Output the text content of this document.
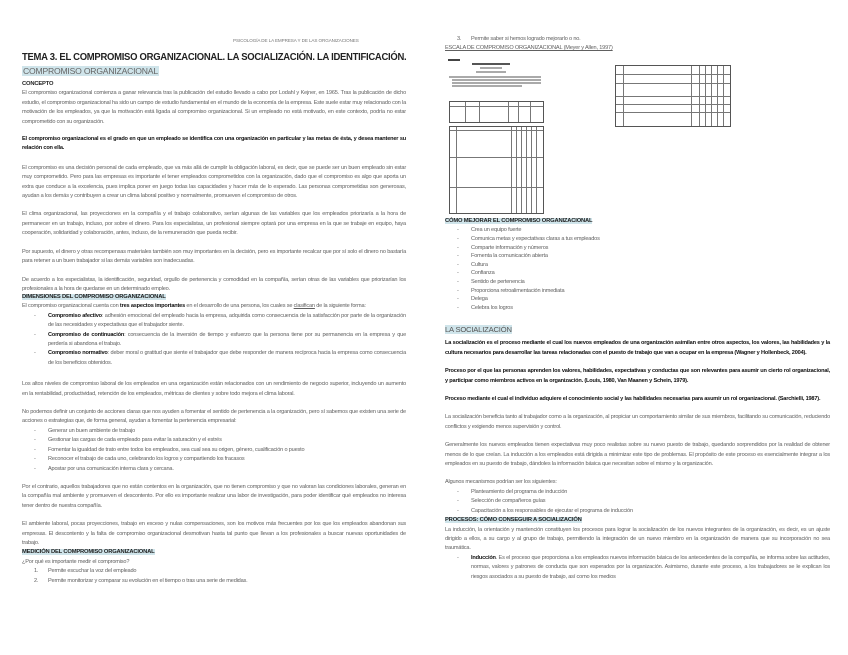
PSICOLOGÍA DE LA EMPRESA Y DE LAS ORGANIZACIONES
TEMA 3. EL COMPROMISO ORGANIZACIONAL. LA SOCIALIZACIÓN. LA IDENTIFICACIÓN.
COMPROMISO ORGANIZACIONAL
CONCEPTO
El compromiso organizacional comienza a ganar relevancia tras la publicación del estudio llevado a cabo por Lodahl y Kejner, en 1965. Tras la publicación de dicho estudio, el compromiso organizacional ha sido un campo de estudio fundamental en el mundo de la economía de la empresa. Este suele estar muy relacionado con la motivación de los empleados, ya que la motivación está ligada al compromiso organizacional. Si un empleado no está motivado, en este contexto, podría no estar comprometido con su organización.
El compromiso organizacional es el grado en que un empleado se identifica con una organización en particular y las metas de ésta, y desea mantener su relación con ella.
El compromiso es una decisión personal de cada empleado, que va más allá de cumplir la obligación laboral, es decir, que se puede ser un buen empleado sin estar muy comprometido. Pero para las empresas es importante el tener empleados comprometidos con la organización, dado que el compromiso es algo que aporta un extra que conduce a la excelencia, pues implica poner en juego todas las capacidades y hacer más de lo esperado. Las personas comprometidas son generosas, ayudan a los demás y contribuyen a crear un clima laboral positivo y normalmente, promueven el compromiso de otros.
El clima organizacional, las proyecciones en la compañía y el trabajo colaborativo, serían algunas de las variables que los empleados priorizaría a la hora de permanecer en un trabajo, incluso, por sobre el dinero. Para los especialistas, un profesional siempre optará por una empresa en la que se trabaje en equipo, haya cooperación, solidaridad y colaboración, antes, incluso, de la remuneración que pueda recibir.
Por supuesto, el dinero y otras recompensas materiales también son muy importantes en la decisión, pero es importante recalcar que por sí solo el dinero no bastaría para retener a un buen trabajador si las demás variables son inadecuadas.
De acuerdo a los especialistas, la identificación, seguridad, orgullo de pertenencia y comodidad en la compañía, serían otras de las variables que priorizarían los profesionales a la hora de quedarse en un determinado empleo.
DIMENSIONES DEL COMPROMISO ORGANIZACIONAL
El compromiso organizacional cuenta con tres aspectos importantes en el desarrollo de una persona, los cuales se clasifican de la siguiente forma:
- Compromiso afectivo: adhesión emocional del empleado hacia la empresa, adquirida como consecuencia de la satisfacción por parte de la organización de las necesidades y expectativas que el trabajador siente.
- Compromiso de continuación: consecuencia de la inversión de tiempo y esfuerzo que la persona tiene por su permanencia en la empresa y que perdería si abandona el trabajo.
- Compromiso normativo: deber moral o gratitud que siente el trabajador que debe responder de manera recíproca hacia la empresa como consecuencia de los beneficios obtenidos.
Los altos niveles de compromiso laboral de los empleados en una organización están relacionados con un rendimiento de negocio superior, incluyendo un aumento en la rentabilidad, productividad, retención de los empleados, métricas de clientes y sobre todo mejora el clima laboral.
No podemos definir un conjunto de acciones claras que nos ayuden a fomentar el sentido de pertenencia a la organización, pero sí sabemos que existen una serie de acciones o estrategias que, de forma general, ayudan a fomentar la pertenencia empresarial:
- Generar un buen ambiente de trabajo
- Gestionar las cargas de cada empleado para evitar la saturación y el estrés
- Fomentar la igualdad de trato entre todos los empleados, sea cual sea su origen, género, cualificación o puesto
- Reconocer el trabajo de cada uno, celebrando los logros y compartiendo los fracasos
- Apostar por una comunicación interna clara y cercana.
Por el contrario, aquellos trabajadores que no están contentos en la organización, que no tienen compromiso y que no valoran las condiciones laborales, generan en la compañía mal ambiente y promueven el descontento. Por ello es importante realizar una labor de investigación, para poder identificar qué empleados no interesa tener dentro de nuestra compañía.
El ambiente laboral, pocas proyecciones, trabajo en exceso y nulas compensaciones, son los motivos más frecuentes por los que los empleados abandonan sus empresas. El descontento y la falta de compromiso organizacional desmotivan hasta tal punto que llevan a los profesionales a buscar nuevas oportunidades de trabajo.
MEDICIÓN DEL COMPROMISO ORGANIZACIONAL
¿Por qué es importante medir el compromiso?
1. Permite escuchar la voz del empleado
2. Permite monitorizar y comparar su evolución en el tiempo o tras una serie de medidas.
3. Permite saber si hemos logrado mejorarlo o no.
ESCALA DE COMPROMISO ORGANIZACIONAL (Meyer y Allen, 1997)
CÓMO MEJORAR EL COMPROMISO ORGANIZACIONAL
- Crea un equipo fuerte
- Comunica metas y expectativas claras a tus empleados
- Comparte información y números
- Fomenta la comunicación abierta
- Cultura
- Confianza
- Sentido de pertenencia
- Proporciona retroalimentación inmediata
- Delega
- Celebra los logros
LA SOCIALIZACIÓN
La socialización es el proceso mediante el cual los nuevos empleados de una organización asimilan entre otros aspectos, los valores, las habilidades y la cultura necesarios para desarrollar las tareas relacionadas con el puesto de trabajo que van a ocupar en la empresa (Wagner y Hollenbeck, 2004).
Proceso por el que las personas aprenden los valores, habilidades, expectativas y conductas que son relevantes para asumir un cierto rol organizacional, y participar como miembros activos en la organización. (Louis, 1980, Van Maanen y Schein, 1979).
Proceso mediante el cual el individuo adquiere el conocimiento social y las habilidades necesarias para asumir un rol organizacional. (Sarchielli, 1987).
La socialización beneficia tanto al trabajador como a la organización, al propiciar un comportamiento similar de sus miembros, facilitando su comunicación, reduciendo conflictos y exigiendo menos supervisión y control.
Generalmente los nuevos empleados tienen expectativas muy poco realistas sobre su nuevo puesto de trabajo, quedando sorprendidos por la realidad de obtener menos de lo que creían. La inducción a los empleados está dirigida a minimizar este tipo de problemas. El propósito de este proceso es esencialmente integrar a los empleados en su puesto de trabajo, dándoles la información básica que necesitan sobre el mismo y la organización.
Algunos mecanismos podrían ser los siguientes:
- Planteamiento del programa de inducción
- Selección de compañeros guías
- Capacitación a los responsables de ejecutar el programa de inducción
PROCESOS: CÓMO CONSEGUIR A SOCIALIZACIÓN
La inducción, la orientación y mantención constituyen los procesos para lograr la socialización de los nuevos integrantes de la organización, es decir, es un ajuste dirigido a ellos, a su cargo y al grupo de trabajo, permitiendo la integración de un nuevo miembro en la organización de manera que su incorporación no sea traumática.
- Inducción. Es el proceso que proporciona a los empleados nuevos información básica de los antecedentes de la compañía, se informa sobre las actitudes, normas, valores y patrones de conducta que son esperados por la organización. Asimismo, durante este proceso, a los trabajadores se le explican los riesgos asociados a su puesto de trabajo, así como los medios
